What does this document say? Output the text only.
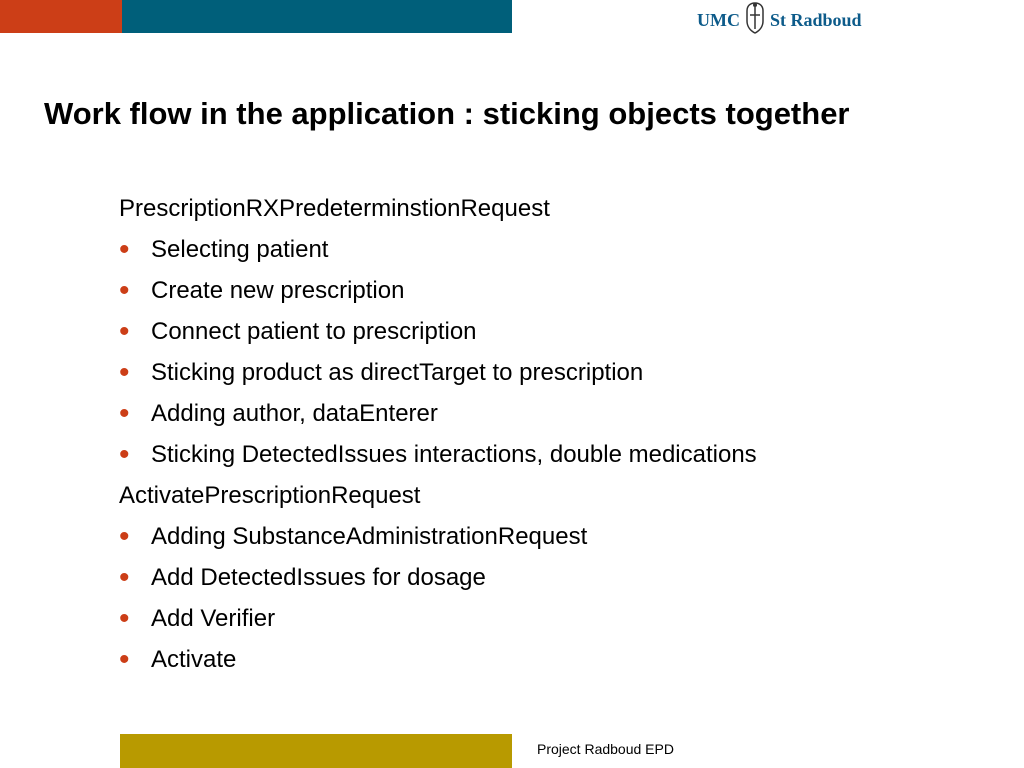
UMC St Radboud
Work flow in the application : sticking objects together
PrescriptionRXPredeterminstionRequest
• Selecting patient
• Create new prescription
• Connect patient to prescription
• Sticking product as directTarget to prescription
• Adding author, dataEnterer
• Sticking DetectedIssues interactions, double medications
ActivatePrescriptionRequest
• Adding SubstanceAdministrationRequest
• Add DetectedIssues for dosage
• Add Verifier
• Activate
Project Radboud EPD
